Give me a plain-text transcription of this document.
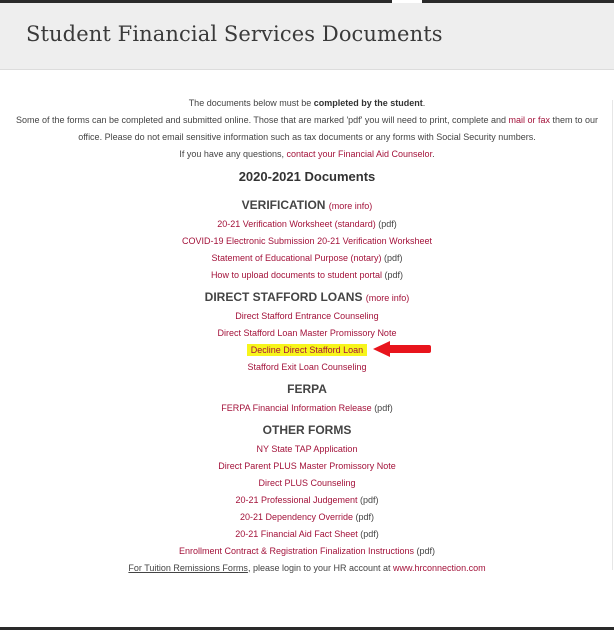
Student Financial Services Documents
The documents below must be completed by the student.
Some of the forms can be completed and submitted online. Those that are marked 'pdf' you will need to print, complete and mail or fax them to our
office. Please do not email sensitive information such as tax documents or any forms with Social Security numbers.
If you have any questions, contact your Financial Aid Counselor.
2020-2021 Documents
VERIFICATION (more info)
20-21 Verification Worksheet (standard) (pdf)
COVID-19 Electronic Submission 20-21 Verification Worksheet
Statement of Educational Purpose (notary) (pdf)
How to upload documents to student portal (pdf)
DIRECT STAFFORD LOANS (more info)
Direct Stafford Entrance Counseling
Direct Stafford Loan Master Promissory Note
Decline Direct Stafford Loan
Stafford Exit Loan Counseling
FERPA
FERPA Financial Information Release (pdf)
OTHER FORMS
NY State TAP Application
Direct Parent PLUS Master Promissory Note
Direct PLUS Counseling
20-21 Professional Judgement (pdf)
20-21 Dependency Override (pdf)
20-21 Financial Aid Fact Sheet (pdf)
Enrollment Contract & Registration Finalization Instructions (pdf)
For Tuition Remissions Forms, please login to your HR account at www.hrconnection.com
